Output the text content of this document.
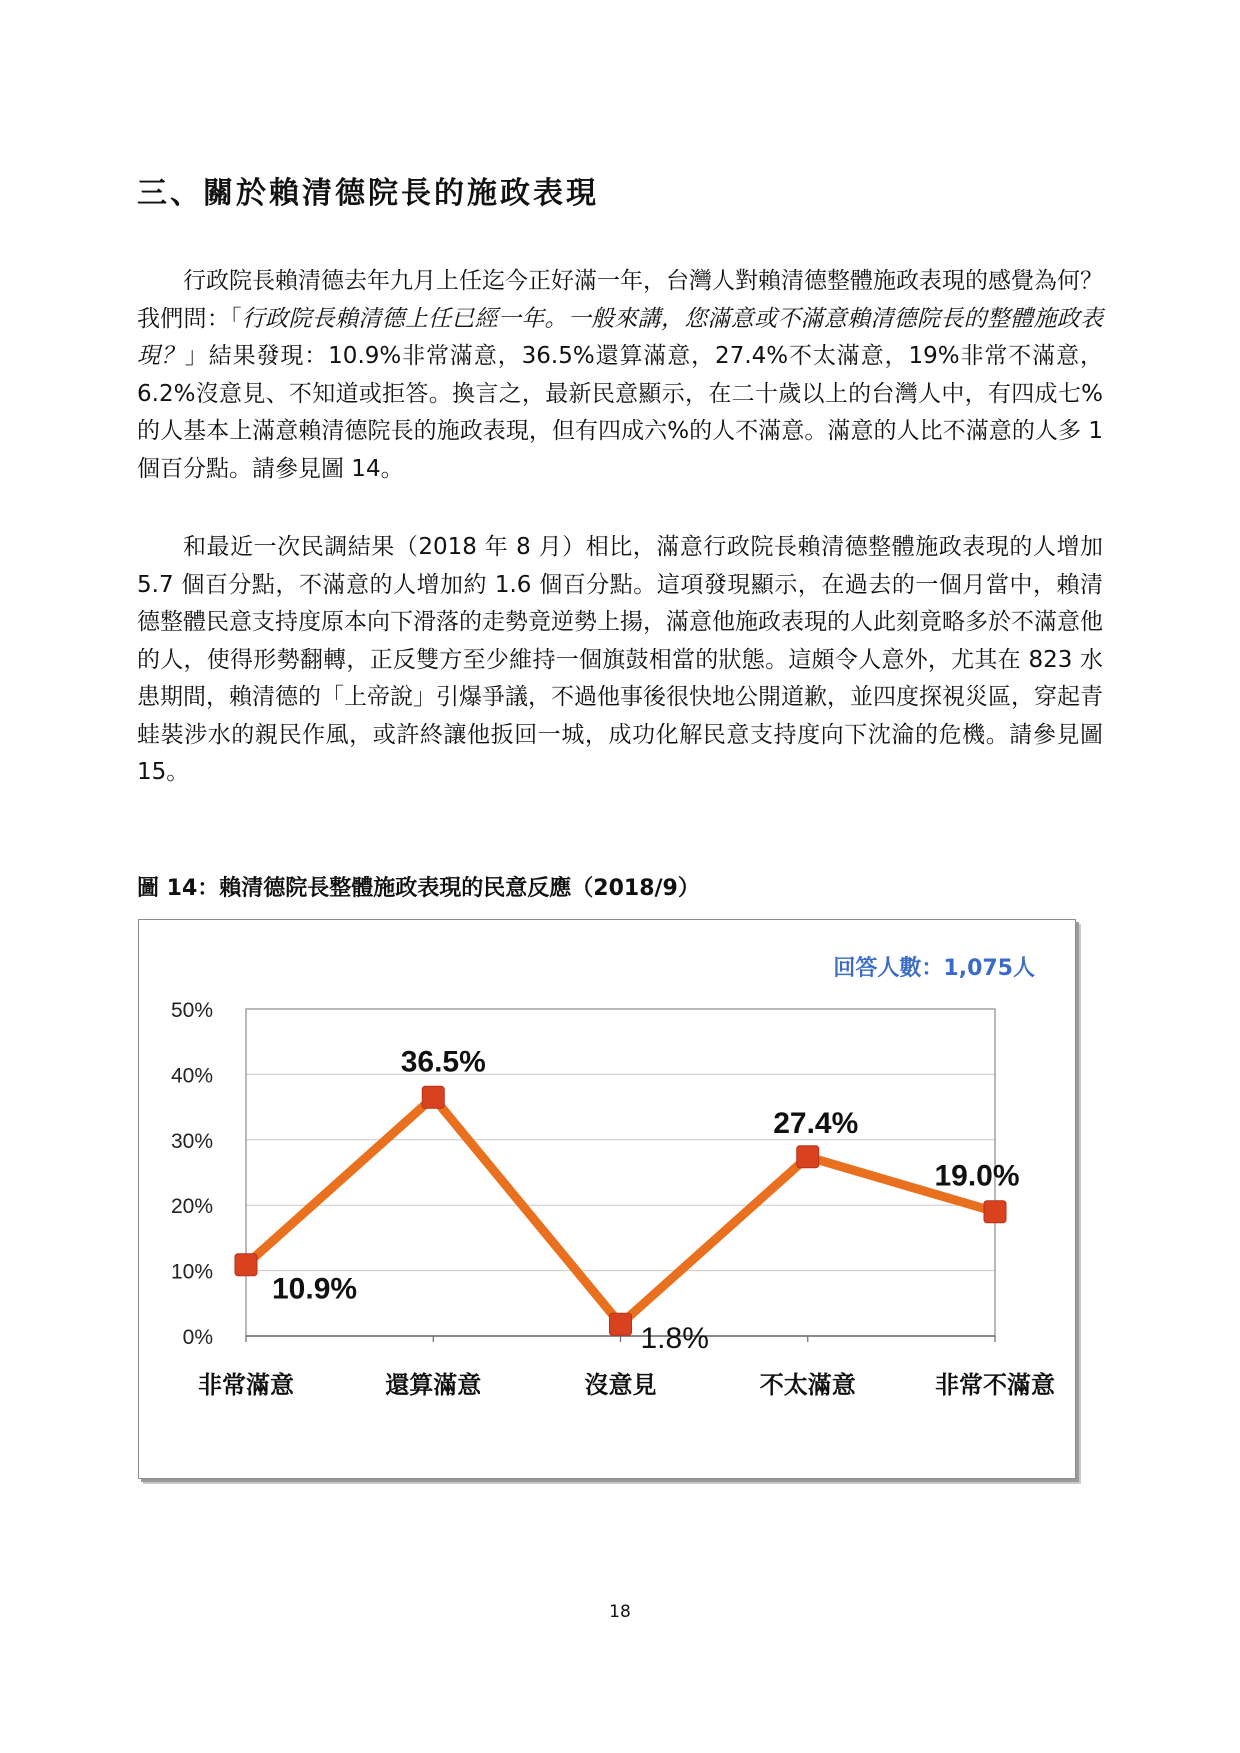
三、關於賴清德院長的施政表現

行政院長賴清德去年九月上任迄今正好滿一年，台灣人對賴清德整體施政表現的感覺為何？我們問：「行政院長賴清德上任已經一年。一般來講，您滿意或不滿意賴清德院長的整體施政表現？」結果發現：10.9%非常滿意，36.5%還算滿意，27.4%不太滿意，19%非常不滿意，6.2%沒意見、不知道或拒答。換言之，最新民意顯示，在二十歲以上的台灣人中，有四成七%的人基本上滿意賴清德院長的施政表現，但有四成六%的人不滿意。滿意的人比不滿意的人多 1 個百分點。請參見圖 14。

和最近一次民調結果（2018 年 8 月）相比，滿意行政院長賴清德整體施政表現的人增加 5.7 個百分點，不滿意的人增加約 1.6 個百分點。這項發現顯示，在過去的一個月當中，賴清德整體民意支持度原本向下滑落的走勢竟逆勢上揚，滿意他施政表現的人此刻竟略多於不滿意他的人，使得形勢翻轉，正反雙方至少維持一個旗鼓相當的狀態。這頗令人意外，尤其在 823 水患期間，賴清德的「上帝說」引爆爭議，不過他事後很快地公開道歉，並四度探視災區，穿起青蛙裝涉水的親民作風，或許終讓他扳回一城，成功化解民意支持度向下沈淪的危機。請參見圖 15。

圖 14：賴清德院長整體施政表現的民意反應（2018/9）

0%
10%
20%
30%
40%
50%
非常滿意	還算滿意	沒意見	不太滿意	非常不滿意
10.9%
36.5%
1.8%
27.4%
19.0%
回答人數：1,075人
18
